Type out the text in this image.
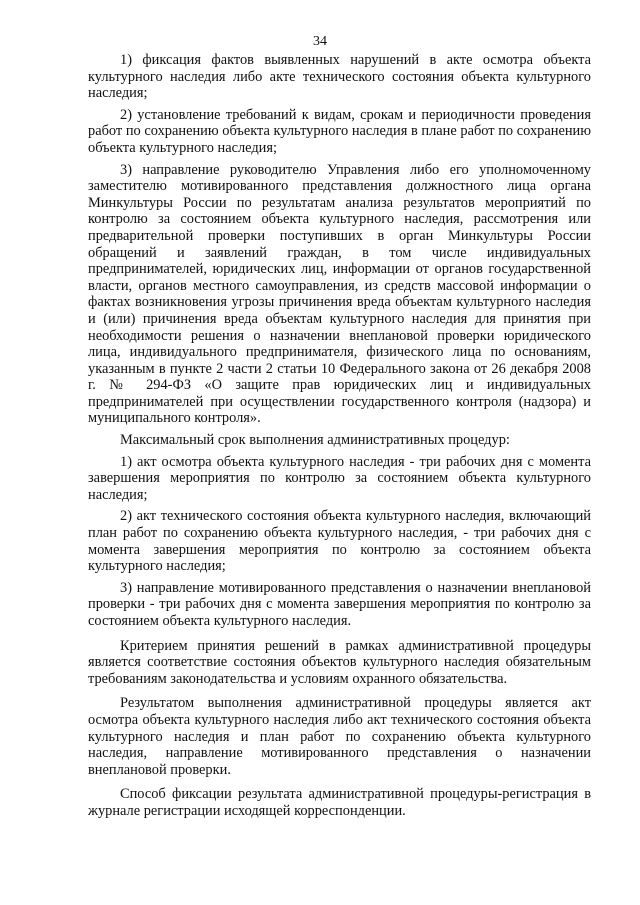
34

1) фиксация фактов выявленных нарушений в акте осмотра объекта культурного наследия либо акте технического состояния объекта культурного наследия;

2) установление требований к видам, срокам и периодичности проведения работ по сохранению объекта культурного наследия в плане работ по сохранению объекта культурного наследия;

3) направление руководителю Управления либо его уполномоченному заместителю мотивированного представления должностного лица органа Минкультуры России по результатам анализа результатов мероприятий по контролю за состоянием объекта культурного наследия, рассмотрения или предварительной проверки поступивших в орган Минкультуры России обращений и заявлений граждан, в том числе индивидуальных предпринимателей, юридических лиц, информации от органов государственной власти, органов местного самоуправления, из средств массовой информации о фактах возникновения угрозы причинения вреда объектам культурного наследия и (или) причинения вреда объектам культурного наследия для принятия при необходимости решения о назначении внеплановой проверки юридического лица, индивидуального предпринимателя, физического лица по основаниям, указанным в пункте 2 части 2 статьи 10 Федерального закона от 26 декабря 2008 г. № 294-ФЗ «О защите прав юридических лиц и индивидуальных предпринимателей при осуществлении государственного контроля (надзора) и муниципального контроля».

Максимальный срок выполнения административных процедур:

1) акт осмотра объекта культурного наследия - три рабочих дня с момента завершения мероприятия по контролю за состоянием объекта культурного наследия;

2) акт технического состояния объекта культурного наследия, включающий план работ по сохранению объекта культурного наследия, - три рабочих дня с момента завершения мероприятия по контролю за состоянием объекта культурного наследия;

3) направление мотивированного представления о назначении внеплановой проверки - три рабочих дня с момента завершения мероприятия по контролю за состоянием объекта культурного наследия.

Критерием принятия решений в рамках административной процедуры является соответствие состояния объектов культурного наследия обязательным требованиям законодательства и условиям охранного обязательства.

Результатом выполнения административной процедуры является акт осмотра объекта культурного наследия либо акт технического состояния объекта культурного наследия и план работ по сохранению объекта культурного наследия, направление мотивированного представления о назначении внеплановой проверки.

Способ фиксации результата административной процедуры-регистрация в журнале регистрации исходящей корреспонденции.
